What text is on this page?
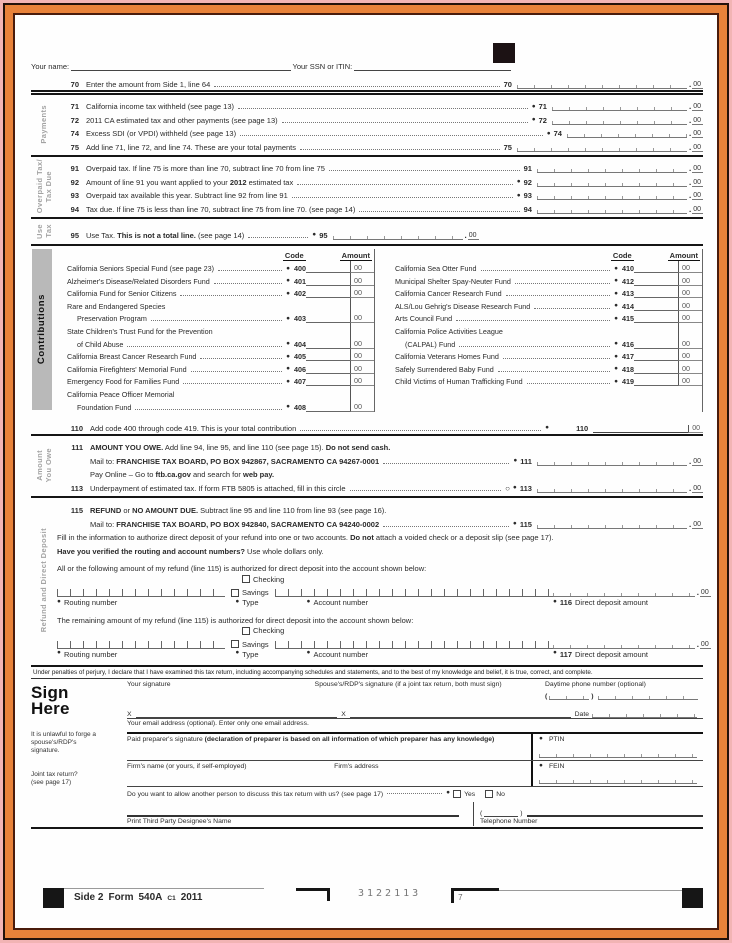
Your name:	Your SSN or ITIN:
70 Enter the amount from Side 1, line 64	70	. 00
Payments	71 California income tax withheld (see page 13)	● 71	. 00
72 2011 CA estimated tax and other payments (see page 13)	● 72	. 00
74 Excess SDI (or VPDI) withheld (see page 13)	● 74	. 00
75 Add line 71, line 72, and line 74. These are your total payments	75	. 00
Overpaid Tax/ Tax Due
91 Overpaid tax. If line 75 is more than line 70, subtract line 70 from line 75	91	. 00
92 Amount of line 91 you want applied to your 2012 estimated tax	● 92	. 00
93 Overpaid tax available this year. Subtract line 92 from line 91	● 93	. 00
94 Tax due. If line 75 is less than line 70, subtract line 75 from line 70. (see page 14)	94	. 00
Use Tax	95 Use Tax. This is not a total line. (see page 14)	● 95	. 00
Contributions
Code	Amount
California Seniors Special Fund (see page 23)	● 400	00
Alzheimer's Disease/Related Disorders Fund	● 401	00
California Fund for Senior Citizens	● 402	00
Rare and Endangered Species
Preservation Program	● 403	00
State Children's Trust Fund for the Prevention
of Child Abuse	● 404	00
California Breast Cancer Research Fund	● 405	00
California Firefighters' Memorial Fund	● 406	00
Emergency Food for Families Fund	● 407	00
California Peace Officer Memorial
Foundation Fund	● 408	00
Code	Amount
California Sea Otter Fund	● 410	00
Municipal Shelter Spay-Neuter Fund	● 412	00
California Cancer Research Fund	● 413	00
ALS/Lou Gehrig's Disease Research Fund	● 414	00
Arts Council Fund	● 415	00
California Police Activities League
(CALPAL) Fund	● 416	00
California Veterans Homes Fund	● 417	00
Safely Surrendered Baby Fund	● 418	00
Child Victims of Human Trafficking Fund	● 419	00
110 Add code 400 through code 419. This is your total contribution	●	110	00
Amount You Owe
111 AMOUNT YOU OWE. Add line 94, line 95, and line 110 (see page 15). Do not send cash.
Mail to: FRANCHISE TAX BOARD, PO BOX 942867, SACRAMENTO CA 94267-0001	● 111	. 00
Pay Online – Go to ftb.ca.gov and search for web pay.
113 Underpayment of estimated tax. If form FTB 5805 is attached, fill in this circle	○ ● 113	. 00
Refund and Direct Deposit
115 REFUND or NO AMOUNT DUE. Subtract line 95 and line 110 from line 93 (see page 16).
Mail to: FRANCHISE TAX BOARD, PO BOX 942840, SACRAMENTO CA 94240-0002	● 115	. 00
Fill in the information to authorize direct deposit of your refund into one or two accounts. Do not attach a voided check or a deposit slip (see page 17).
Have you verified the routing and account numbers? Use whole dollars only.
All or the following amount of my refund (line 115) is authorized for direct deposit into the account shown below:
Checking
Savings	. 00
● Routing number	● Type	● Account number	● 116 Direct deposit amount
The remaining amount of my refund (line 115) is authorized for direct deposit into the account shown below:
Checking
Savings	. 00
● Routing number	● Type	● Account number	● 117 Direct deposit amount
Under penalties of perjury, I declare that I have examined this tax return, including accompanying schedules and statements, and to the best of my knowledge and belief, it is true, correct, and complete.
Sign
Here
It is unlawful to forge a spouse's/RDP's signature.
Joint tax return?
(see page 17)
Your signature	Spouse's/RDP's signature (if a joint tax return, both must sign)	Daytime phone number (optional)
(	)
X	X	Date
Your email address (optional). Enter only one email address.
Paid preparer's signature (declaration of preparer is based on all information of which preparer has any knowledge)	● PTIN
Firm's name (or yours, if self-employed)	Firm's address	● FEIN
Do you want to allow another person to discuss this tax return with us? (see page 17)	● Yes	No
Print Third Party Designee's Name
(	)
Telephone Number
Side 2 Form 540A C1 2011	3122113	7
